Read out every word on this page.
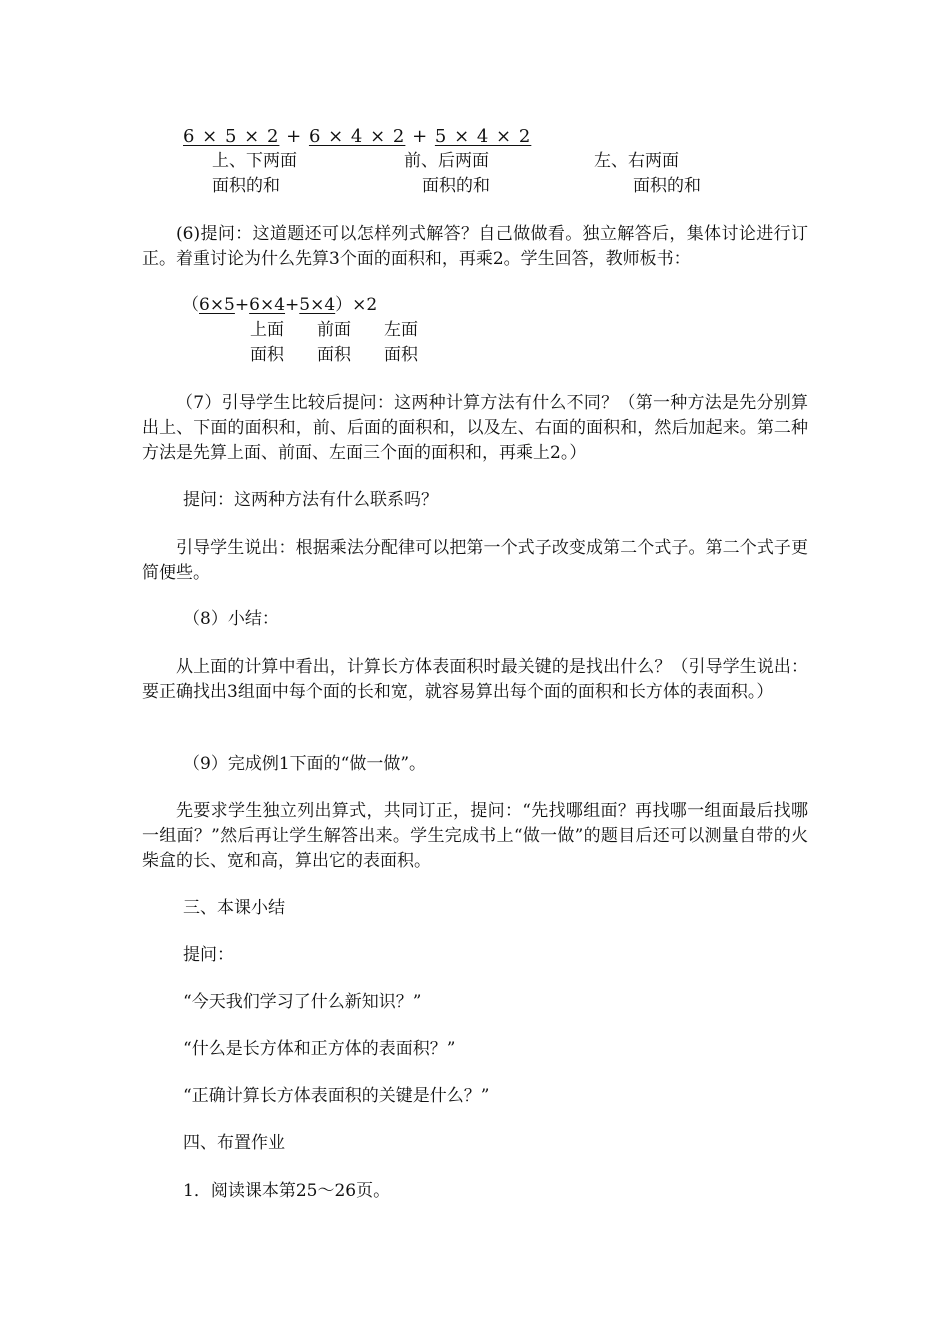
6 × 5 × 2 + 6 × 4 × 2 + 5 × 4 × 2
上、下两面	前、后两面	左、右两面
面积的和	面积的和	面积的和
(6)提问：这道题还可以怎样列式解答？自己做做看。独立解答后，集体讨论进行订正。着重讨论为什么先算3个面的面积和，再乘2。学生回答，教师板书：
（6×5+6×4+5×4）×2
上面 前面 左面
面积 面积 面积
（7）引导学生比较后提问：这两种计算方法有什么不同？（第一种方法是先分别算出上、下面的面积和，前、后面的面积和，以及左、右面的面积和，然后加起来。第二种方法是先算上面、前面、左面三个面的面积和，再乘上2。）
提问：这两种方法有什么联系吗？
引导学生说出：根据乘法分配律可以把第一个式子改变成第二个式子。第二个式子更简便些。
（8）小结：
从上面的计算中看出，计算长方体表面积时最关键的是找出什么？（引导学生说出：要正确找出3组面中每个面的长和宽，就容易算出每个面的面积和长方体的表面积。）
（9）完成例1下面的“做一做”。
先要求学生独立列出算式，共同订正，提问：“先找哪组面？再找哪一组面最后找哪一组面？”然后再让学生解答出来。学生完成书上“做一做”的题目后还可以测量自带的火柴盒的长、宽和高，算出它的表面积。
三、本课小结
提问：
“今天我们学习了什么新知识？”
“什么是长方体和正方体的表面积？”
“正确计算长方体表面积的关键是什么？”
四、布置作业
1．阅读课本第25～26页。
